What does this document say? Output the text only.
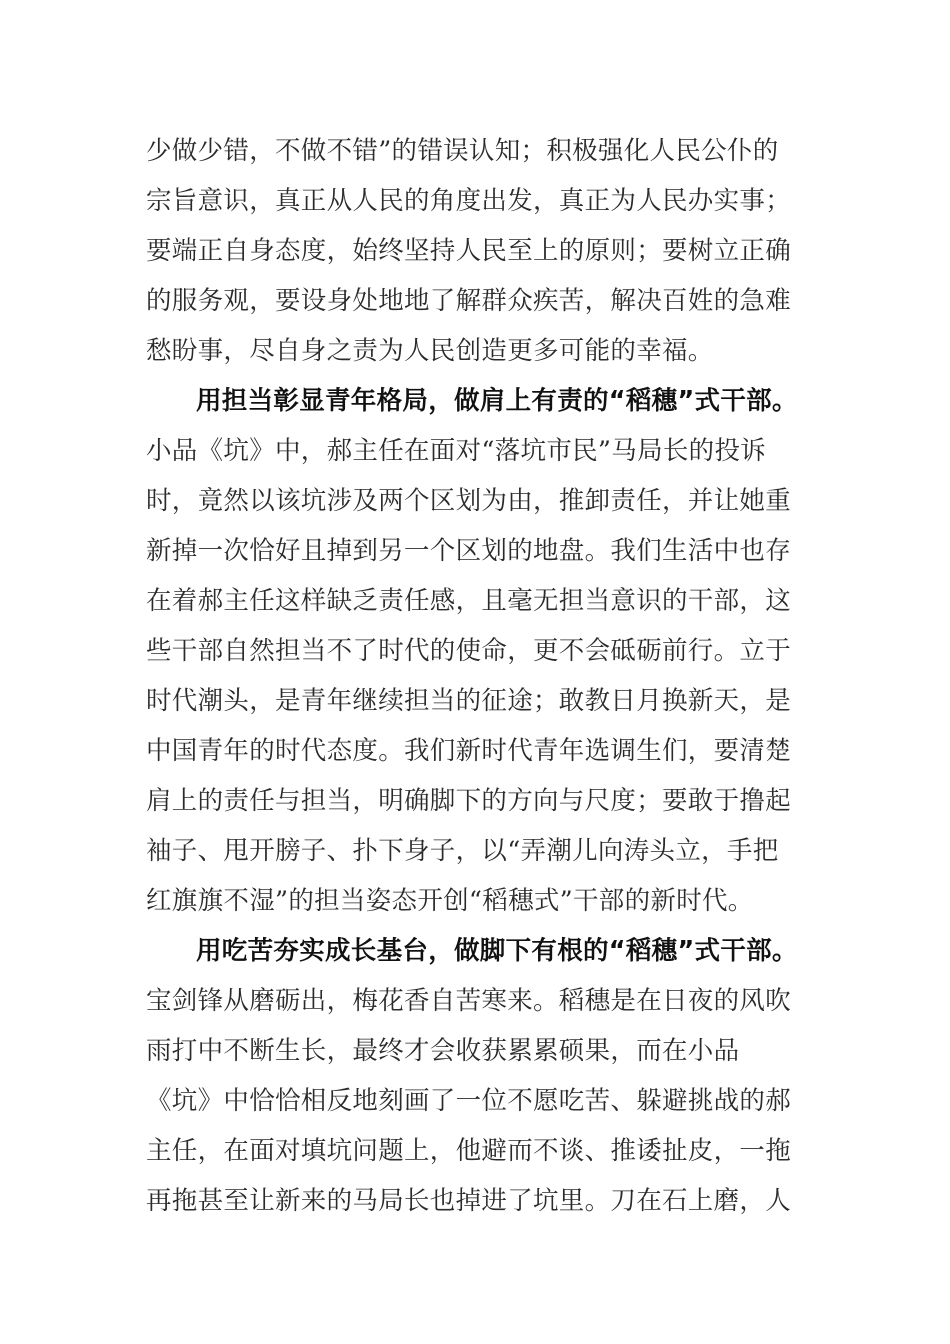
少做少错，不做不错”的错误认知；积极强化人民公仆的
宗旨意识，真正从人民的角度出发，真正为人民办实事；
要端正自身态度，始终坚持人民至上的原则；要树立正确
的服务观，要设身处地地了解群众疾苦，解决百姓的急难
愁盼事，尽自身之责为人民创造更多可能的幸福。
用担当彰显青年格局，做肩上有责的“稻穗”式干部。
小品《坑》中，郝主任在面对“落坑市民”马局长的投诉
时，竟然以该坑涉及两个区划为由，推卸责任，并让她重
新掉一次恰好且掉到另一个区划的地盘。我们生活中也存
在着郝主任这样缺乏责任感，且毫无担当意识的干部，这
些干部自然担当不了时代的使命，更不会砥砺前行。立于
时代潮头，是青年继续担当的征途；敢教日月换新天，是
中国青年的时代态度。我们新时代青年选调生们，要清楚
肩上的责任与担当，明确脚下的方向与尺度；要敢于撸起
袖子、甩开膀子、扑下身子，以“弄潮儿向涛头立，手把
红旗旗不湿”的担当姿态开创“稻穗式”干部的新时代。
用吃苦夯实成长基台，做脚下有根的“稻穗”式干部。
宝剑锋从磨砺出，梅花香自苦寒来。稻穗是在日夜的风吹
雨打中不断生长，最终才会收获累累硕果，而在小品
《坑》中恰恰相反地刻画了一位不愿吃苦、躲避挑战的郝
主任，在面对填坑问题上，他避而不谈、推诿扯皮，一拖
再拖甚至让新来的马局长也掉进了坑里。刀在石上磨，人
